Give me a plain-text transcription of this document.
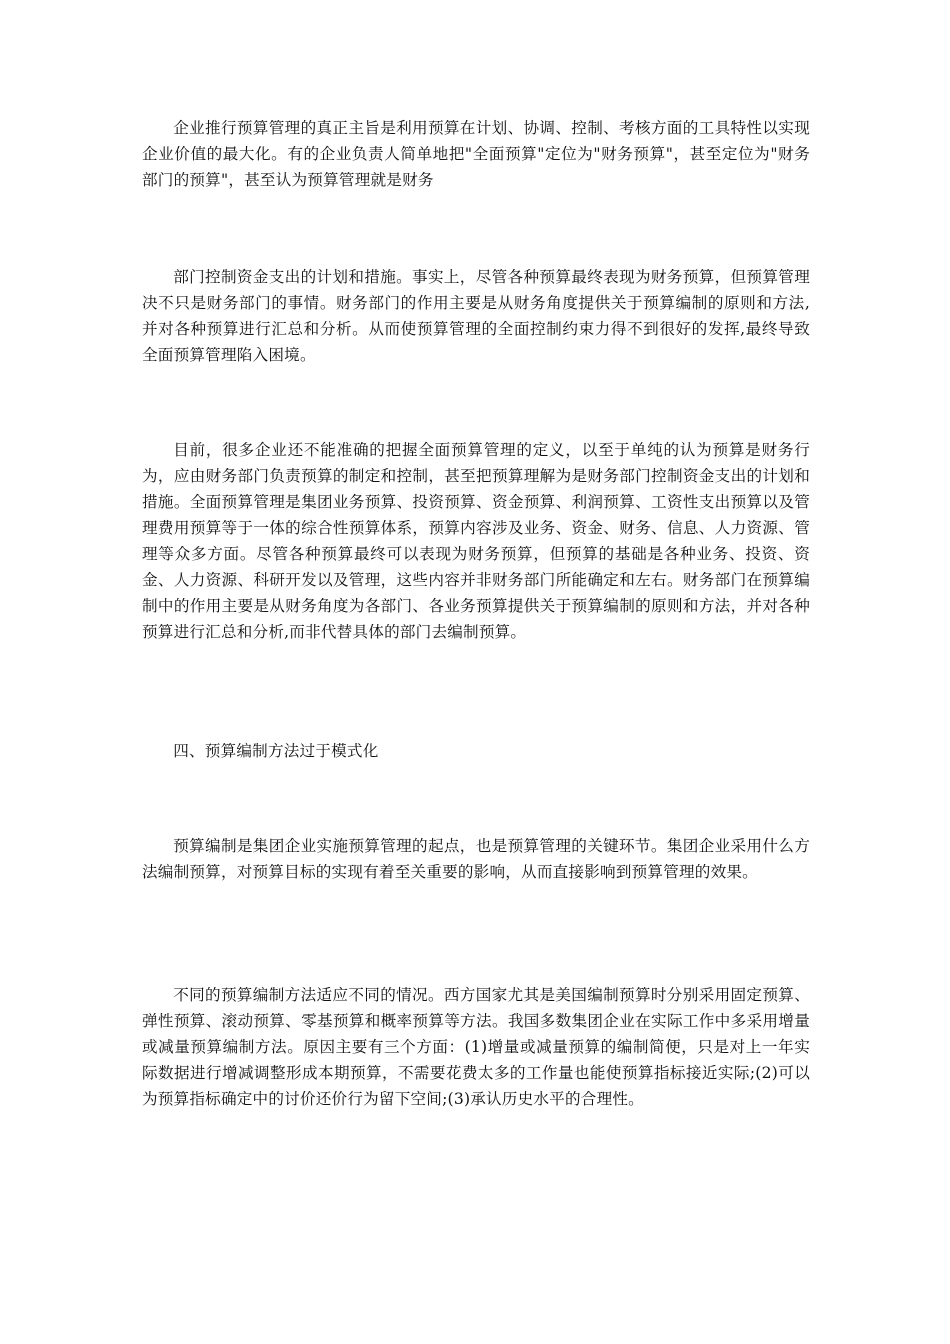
企业推行预算管理的真正主旨是利用预算在计划、协调、控制、考核方面的工具特性以实现企业价值的最大化。有的企业负责人简单地把"全面预算"定位为"财务预算"，甚至定位为"财务部门的预算"，甚至认为预算管理就是财务

部门控制资金支出的计划和措施。事实上，尽管各种预算最终表现为财务预算，但预算管理决不只是财务部门的事情。财务部门的作用主要是从财务角度提供关于预算编制的原则和方法,并对各种预算进行汇总和分析。从而使预算管理的全面控制约束力得不到很好的发挥,最终导致全面预算管理陷入困境。

目前，很多企业还不能准确的把握全面预算管理的定义，以至于单纯的认为预算是财务行为，应由财务部门负责预算的制定和控制，甚至把预算理解为是财务部门控制资金支出的计划和措施。全面预算管理是集团业务预算、投资预算、资金预算、利润预算、工资性支出预算以及管理费用预算等于一体的综合性预算体系，预算内容涉及业务、资金、财务、信息、人力资源、管理等众多方面。尽管各种预算最终可以表现为财务预算，但预算的基础是各种业务、投资、资金、人力资源、科研开发以及管理，这些内容并非财务部门所能确定和左右。财务部门在预算编制中的作用主要是从财务角度为各部门、各业务预算提供关于预算编制的原则和方法，并对各种预算进行汇总和分析,而非代替具体的部门去编制预算。

四、预算编制方法过于模式化

预算编制是集团企业实施预算管理的起点，也是预算管理的关键环节。集团企业采用什么方法编制预算，对预算目标的实现有着至关重要的影响，从而直接影响到预算管理的效果。

不同的预算编制方法适应不同的情况。西方国家尤其是美国编制预算时分别采用固定预算、弹性预算、滚动预算、零基预算和概率预算等方法。我国多数集团企业在实际工作中多采用增量或减量预算编制方法。原因主要有三个方面：(1)增量或减量预算的编制简便，只是对上一年实际数据进行增减调整形成本期预算，不需要花费太多的工作量也能使预算指标接近实际;(2)可以为预算指标确定中的讨价还价行为留下空间;(3)承认历史水平的合理性。
